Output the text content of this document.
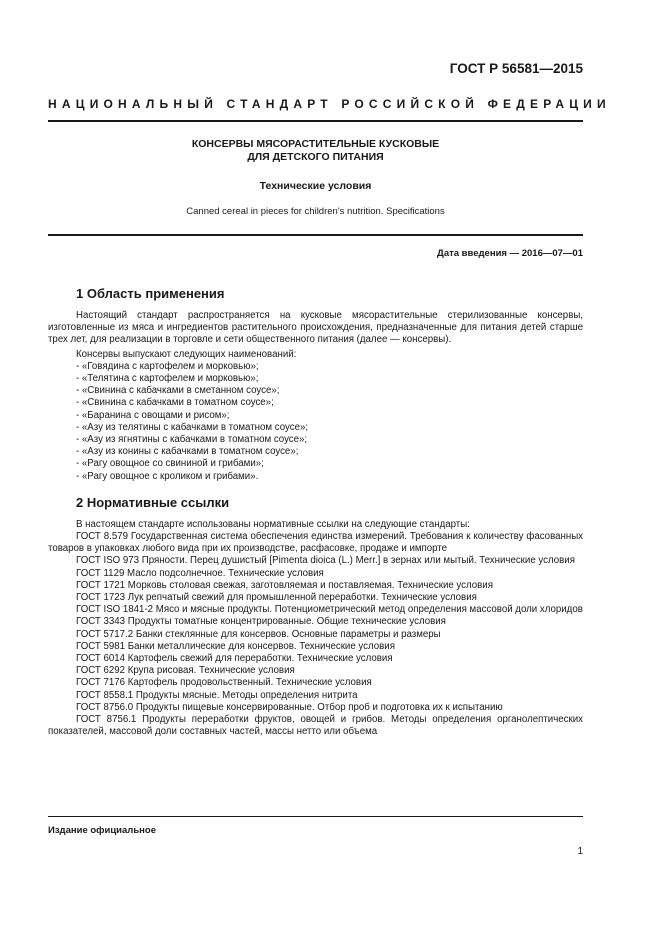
ГОСТ Р 56581—2015
НАЦИОНАЛЬНЫЙ СТАНДАРТ РОССИЙСКОЙ ФЕДЕРАЦИИ
КОНСЕРВЫ МЯСОРАСТИТЕЛЬНЫЕ КУСКОВЫЕ
ДЛЯ ДЕТСКОГО ПИТАНИЯ
Технические условия
Canned cereal in pieces for children's nutrition. Specifications
Дата введения — 2016—07—01
1 Область применения

Настоящий стандарт распространяется на кусковые мясорастительные стерилизованные консервы, изготовленные из мяса и ингредиентов растительного происхождения, предназначенные для питания детей старше трех лет, для реализации в торговле и сети общественного питания (далее — консервы).

Консервы выпускают следующих наименований:

- «Говядина с картофелем и морковью»;
- «Телятина с картофелем и морковью»;
- «Свинина с кабачками в сметанном соусе»;
- «Свинина с кабачками в томатном соусе»;
- «Баранина с овощами и рисом»;
- «Азу из телятины с кабачками в томатном соусе»;
- «Азу из ягнятины с кабачками в томатном соусе»;
- «Азу из конины с кабачками в томатном соусе»;
- «Рагу овощное со свининой и грибами»;
- «Рагу овощное с кроликом и грибами».
2 Нормативные ссылки

В настоящем стандарте использованы нормативные ссылки на следующие стандарты:

ГОСТ 8.579 Государственная система обеспечения единства измерений. Требования к количеству фасованных товаров в упаковках любого вида при их производстве, расфасовке, продаже и импорте
ГОСТ ISO 973 Пряности. Перец душистый [Pimenta dioica (L.) Merr.] в зернах или мытый. Технические условия
ГОСТ 1129 Масло подсолнечное. Технические условия
ГОСТ 1721 Морковь столовая свежая, заготовляемая и поставляемая. Технические условия
ГОСТ 1723 Лук репчатый свежий для промышленной переработки. Технические условия
ГОСТ ISO 1841-2 Мясо и мясные продукты. Потенциометрический метод определения массовой доли хлоридов
ГОСТ 3343 Продукты томатные концентрированные. Общие технические условия
ГОСТ 5717.2 Банки стеклянные для консервов. Основные параметры и размеры
ГОСТ 5981 Банки металлические для консервов. Технические условия
ГОСТ 6014 Картофель свежий для переработки. Технические условия
ГОСТ 6292 Крупа рисовая. Технические условия
ГОСТ 7176 Картофель продовольственный. Технические условия
ГОСТ 8558.1 Продукты мясные. Методы определения нитрита
ГОСТ 8756.0 Продукты пищевые консервированные. Отбор проб и подготовка их к испытанию
ГОСТ 8756.1 Продукты переработки фруктов, овощей и грибов. Методы определения органолептических показателей, массовой доли составных частей, массы нетто или объема
Издание официальное
1
